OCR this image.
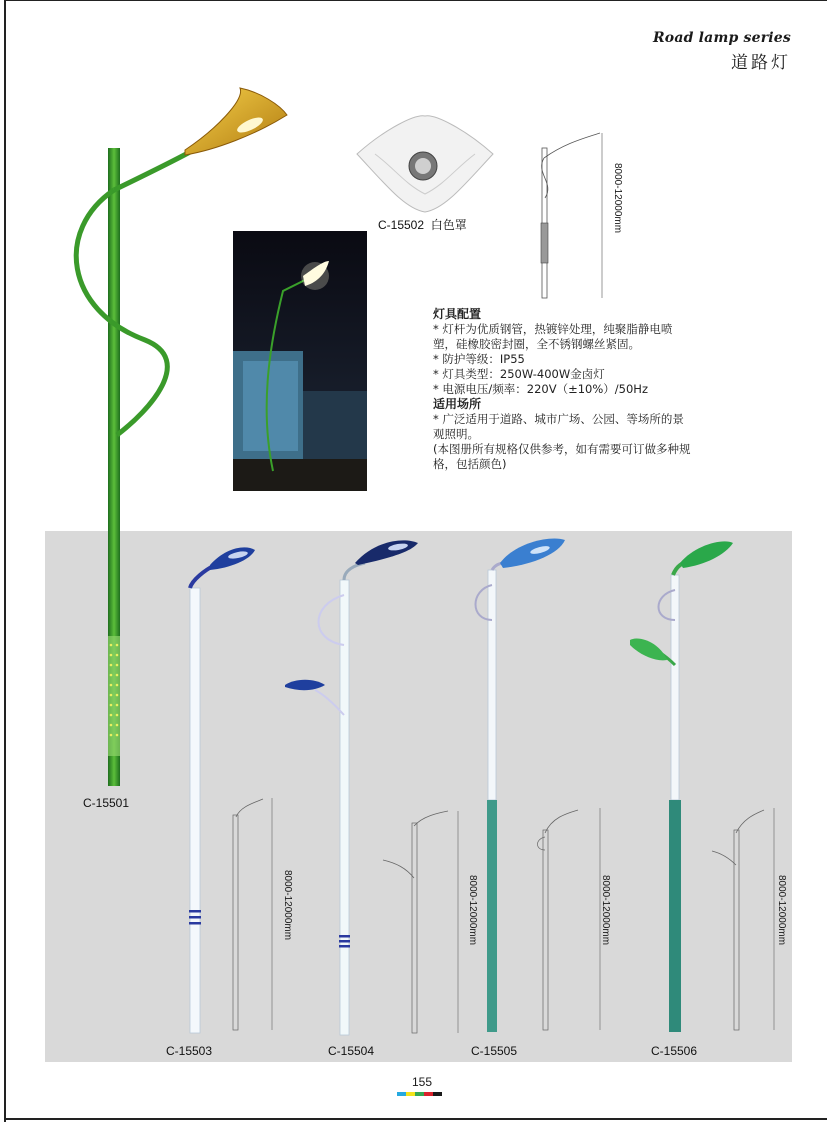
Road lamp series
道路灯
C-15501
C-15502 白色罩	8000-12000mm

灯具配置

* 灯杆为优质钢管，热镀锌处理，纯聚脂静电喷塑，硅橡胶密封圈，全不锈钢螺丝紧固。

* 防护等级：IP55

* 灯具类型：250W-400W金卤灯

* 电源电压/频率：220V（±10%）/50Hz

适用场所

* 广泛适用于道路、城市广场、公园、等场所的景观照明。

(本图册所有规格仅供参考，如有需要可订做多种规格，包括颜色)

8000-12000mm
C-15503
8000-12000mm
C-15504
8000-12000mm
C-15505
8000-12000mm
C-15506
155
